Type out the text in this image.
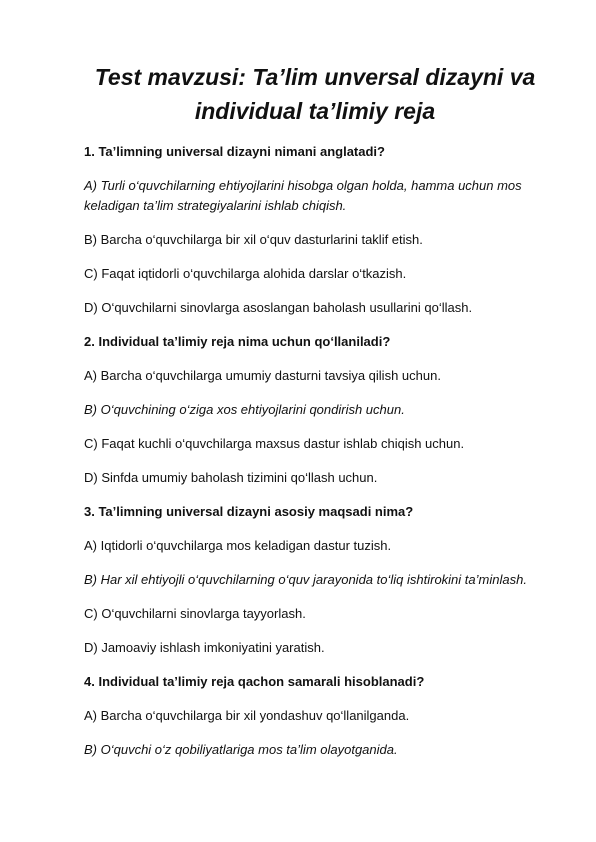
Test mavzusi: Ta’lim unversal dizayni va individual ta’limiy reja

1. Ta’limning universal dizayni nimani anglatadi?

A) Turli o‘quvchilarning ehtiyojlarini hisobga olgan holda, hamma uchun mos keladigan ta’lim strategiyalarini ishlab chiqish.

B) Barcha o‘quvchilarga bir xil o‘quv dasturlarini taklif etish.

C) Faqat iqtidorli o‘quvchilarga alohida darslar o‘tkazish.

D) O‘quvchilarni sinovlarga asoslangan baholash usullarini qo‘llash.

2. Individual ta’limiy reja nima uchun qo‘llaniladi?

A) Barcha o‘quvchilarga umumiy dasturni tavsiya qilish uchun.

B) O‘quvchining o‘ziga xos ehtiyojlarini qondirish uchun.

C) Faqat kuchli o‘quvchilarga maxsus dastur ishlab chiqish uchun.

D) Sinfda umumiy baholash tizimini qo‘llash uchun.

3. Ta’limning universal dizayni asosiy maqsadi nima?

A) Iqtidorli o‘quvchilarga mos keladigan dastur tuzish.

B) Har xil ehtiyojli o‘quvchilarning o‘quv jarayonida to‘liq ishtirokini ta’minlash.

C) O‘quvchilarni sinovlarga tayyorlash.

D) Jamoaviy ishlash imkoniyatini yaratish.

4. Individual ta’limiy reja qachon samarali hisoblanadi?

A) Barcha o‘quvchilarga bir xil yondashuv qo‘llanilganda.

B) O‘quvchi o‘z qobiliyatlariga mos ta’lim olayotganida.
